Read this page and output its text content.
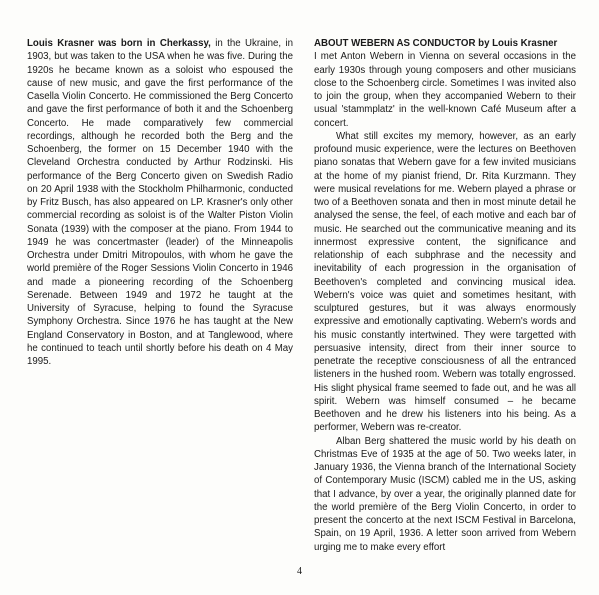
Louis Krasner was born in Cherkassy, in the Ukraine, in 1903, but was taken to the USA when he was five. During the 1920s he became known as a soloist who espoused the cause of new music, and gave the first performance of the Casella Violin Concerto. He commissioned the Berg Concerto and gave the first performance of both it and the Schoenberg Concerto. He made comparatively few commercial recordings, although he recorded both the Berg and the Schoenberg, the former on 15 December 1940 with the Cleveland Orchestra conducted by Arthur Rodzinski. His performance of the Berg Concerto given on Swedish Radio on 20 April 1938 with the Stockholm Philharmonic, conducted by Fritz Busch, has also appeared on LP. Krasner's only other commercial recording as soloist is of the Walter Piston Violin Sonata (1939) with the composer at the piano. From 1944 to 1949 he was concertmaster (leader) of the Minneapolis Orchestra under Dmitri Mitropoulos, with whom he gave the world première of the Roger Sessions Violin Concerto in 1946 and made a pioneering recording of the Schoenberg Serenade. Between 1949 and 1972 he taught at the University of Syracuse, helping to found the Syracuse Symphony Orchestra. Since 1976 he has taught at the New England Conservatory in Boston, and at Tanglewood, where he continued to teach until shortly before his death on 4 May 1995.

ABOUT WEBERN AS CONDUCTOR by Louis Krasner

I met Anton Webern in Vienna on several occasions in the early 1930s through young composers and other musicians close to the Schoenberg circle. Sometimes I was invited also to join the group, when they accompanied Webern to their usual 'stammplatz' in the well-known Café Museum after a concert.

What still excites my memory, however, as an early profound music experience, were the lectures on Beethoven piano sonatas that Webern gave for a few invited musicians at the home of my pianist friend, Dr. Rita Kurzmann. They were musical revelations for me. Webern played a phrase or two of a Beethoven sonata and then in most minute detail he analysed the sense, the feel, of each motive and each bar of music. He searched out the communicative meaning and its innermost expressive content, the significance and relationship of each subphrase and the necessity and inevitability of each progression in the organisation of Beethoven's completed and convincing musical idea. Webern's voice was quiet and sometimes hesitant, with sculptured gestures, but it was always enormously expressive and emotionally captivating. Webern's words and his music constantly intertwined. They were targetted with persuasive intensity, direct from their inner source to penetrate the receptive consciousness of all the entranced listeners in the hushed room. Webern was totally engrossed. His slight physical frame seemed to fade out, and he was all spirit. Webern was himself consumed – he became Beethoven and he drew his listeners into his being. As a performer, Webern was re-creator.

Alban Berg shattered the music world by his death on Christmas Eve of 1935 at the age of 50. Two weeks later, in January 1936, the Vienna branch of the International Society of Contemporary Music (ISCM) cabled me in the US, asking that I advance, by over a year, the originally planned date for the world première of the Berg Violin Concerto, in order to present the concerto at the next ISCM Festival in Barcelona, Spain, on 19 April, 1936. A letter soon arrived from Webern urging me to make every effort

4
